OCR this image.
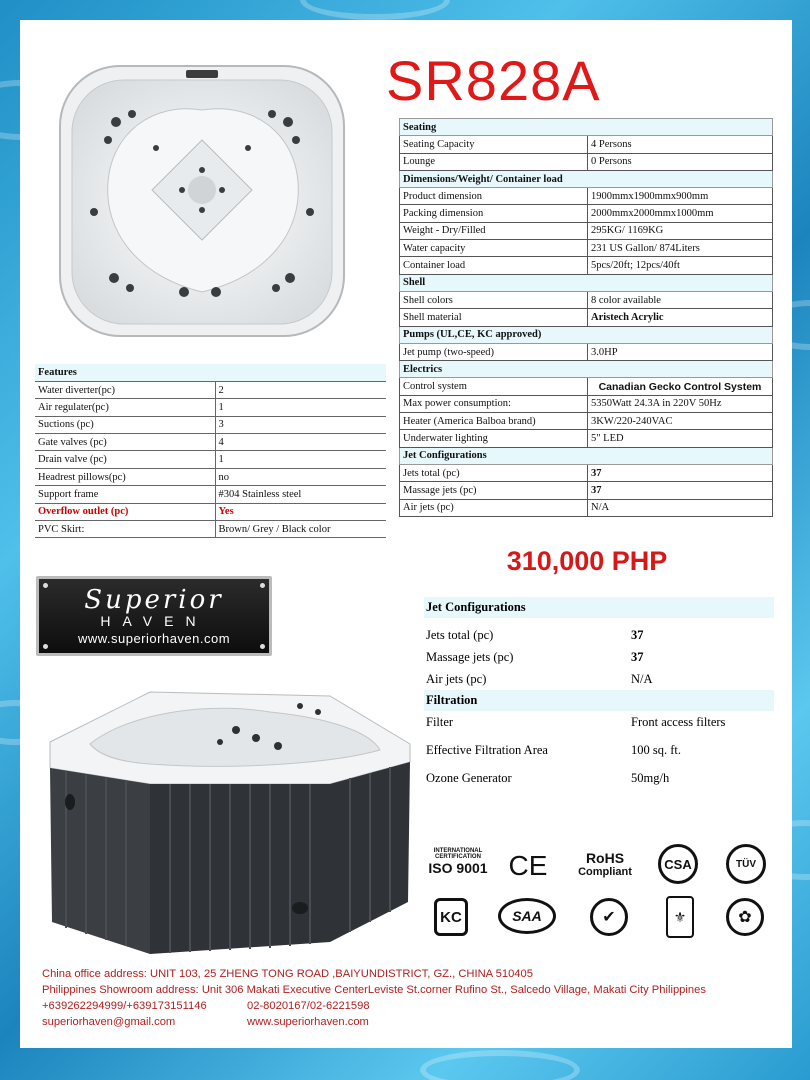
SR828A
Seating	
Seating Capacity	4 Persons
Lounge	0 Persons
Dimensions/Weight/ Container load	
Product dimension	1900mmx1900mmx900mm
Packing dimension	2000mmx2000mmx1000mm
Weight - Dry/Filled	295KG/ 1169KG
Water capacity	231 US Gallon/ 874Liters
Container load	5pcs/20ft; 12pcs/40ft
Shell	
Shell colors	8 color available
Shell material	Aristech Acrylic
Pumps (UL,CE, KC approved)	
Jet pump (two-speed)	3.0HP
Electrics	
Control system	Canadian Gecko Control System
Max power consumption:	5350Watt 24.3A in 220V 50Hz
Heater (America Balboa brand)	3KW/220-240VAC
Underwater lighting	5" LED
Jet Configurations	
Jets total (pc)	37
Massage jets (pc)	37
Air jets (pc)	N/A
Features	
Water diverter(pc)	2
Air regulater(pc)	1
Suctions (pc)	3
Gate valves (pc)	4
Drain valve (pc)	1
Headrest pillows(pc)	no
Support frame	#304 Stainless steel
Overflow outlet (pc)	Yes
PVC Skirt:	Brown/ Grey / Black color
310,000 PHP
Superior
HAVEN
www.superiorhaven.com
Jet Configurations
Jets total (pc)	37
Massage jets (pc)	37
Air jets (pc)	N/A
Filtration
Filter	Front access filters
Effective Filtration Area	100 sq. ft.
Ozone Generator	50mg/h
INTERNATIONAL CERTIFICATION
ISO 9001 CE	RoHS
Compliant
CSA	TÜV
KC	SAA	✔	⚜	✿
China office address: UNIT 103, 25 ZHENG TONG ROAD ,BAIYUNDISTRICT, GZ., CHINA 510405
Philippines Showroom address: Unit 306 Makati Executive CenterLeviste St.corner Rufino St., Salcedo Village, Makati City Philippines
+639262294999/+639173151146	02-8020167/02-6221598
superiorhaven@gmail.com	www.superiorhaven.com
